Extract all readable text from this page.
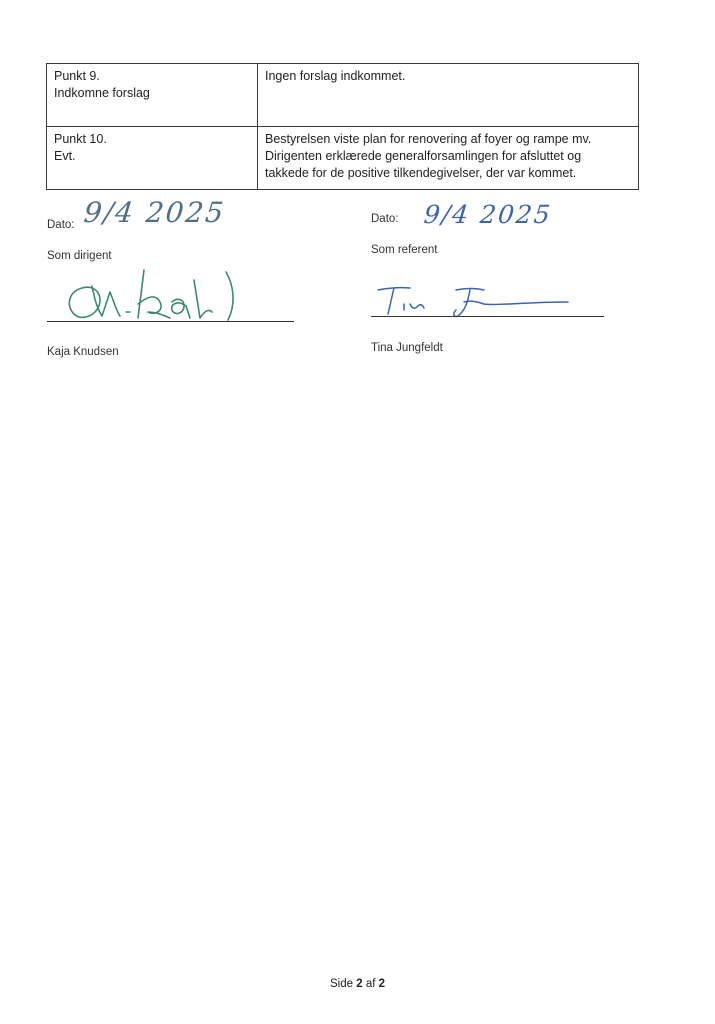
Punkt 9.
Indkomne forslag	Ingen forslag indkommet.

Punkt 10.
Evt.	Bestyrelsen viste plan for renovering af foyer og rampe mv.
Dirigenten erklærede generalforsamlingen for afsluttet og
takkede for de positive tilkendegivelser, der var kommet.
Dato: 9/4 2025
Som dirigent
Kaja Knudsen
Dato: 9/4 2025
Som referent
Tina Jungfeldt
Side 2 af 2
